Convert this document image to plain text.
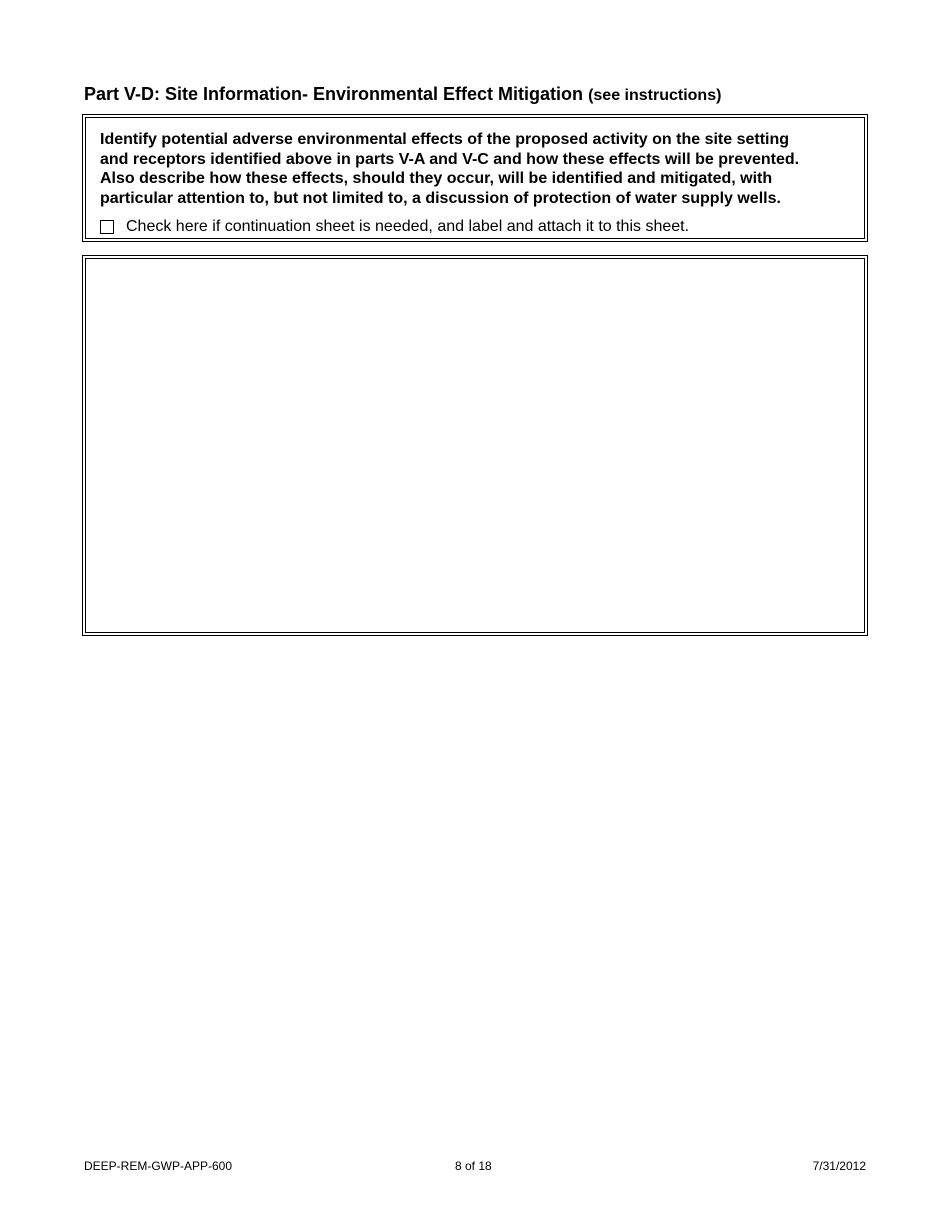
Part V-D: Site Information- Environmental Effect Mitigation (see instructions)
Identify potential adverse environmental effects of the proposed activity on the site setting
and receptors identified above in parts V-A and V-C and how these effects will be prevented.
Also describe how these effects, should they occur, will be identified and mitigated, with
particular attention to, but not limited to, a discussion of protection of water supply wells.
Check here if continuation sheet is needed, and label and attach it to this sheet.
DEEP-REM-GWP-APP-600	8 of 18	7/31/2012
